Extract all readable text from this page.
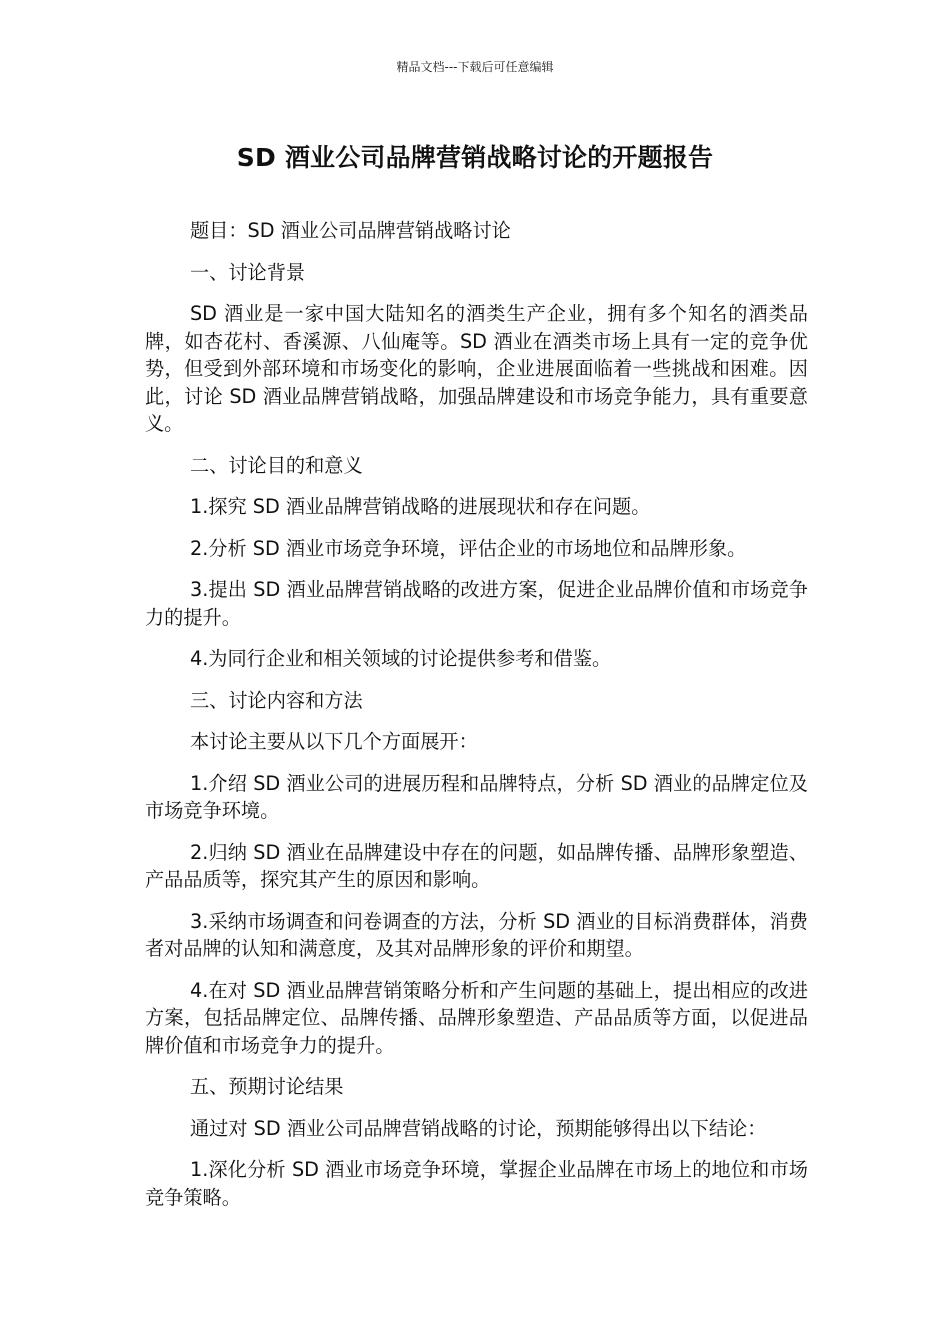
精品文档---下载后可任意编辑
SD 酒业公司品牌营销战略讨论的开题报告

题目：SD 酒业公司品牌营销战略讨论

一、讨论背景

SD 酒业是一家中国大陆知名的酒类生产企业，拥有多个知名的酒类品牌，如杏花村、香溪源、八仙庵等。SD 酒业在酒类市场上具有一定的竞争优势，但受到外部环境和市场变化的影响，企业进展面临着一些挑战和困难。因此，讨论 SD 酒业品牌营销战略，加强品牌建设和市场竞争能力，具有重要意义。

二、讨论目的和意义

1.探究 SD 酒业品牌营销战略的进展现状和存在问题。

2.分析 SD 酒业市场竞争环境，评估企业的市场地位和品牌形象。

3.提出 SD 酒业品牌营销战略的改进方案，促进企业品牌价值和市场竞争力的提升。

4.为同行企业和相关领域的讨论提供参考和借鉴。

三、讨论内容和方法

本讨论主要从以下几个方面展开：

1.介绍 SD 酒业公司的进展历程和品牌特点，分析 SD 酒业的品牌定位及市场竞争环境。

2.归纳 SD 酒业在品牌建设中存在的问题，如品牌传播、品牌形象塑造、产品品质等，探究其产生的原因和影响。

3.采纳市场调查和问卷调查的方法，分析 SD 酒业的目标消费群体，消费者对品牌的认知和满意度，及其对品牌形象的评价和期望。

4.在对 SD 酒业品牌营销策略分析和产生问题的基础上，提出相应的改进方案，包括品牌定位、品牌传播、品牌形象塑造、产品品质等方面，以促进品牌价值和市场竞争力的提升。

五、预期讨论结果

通过对 SD 酒业公司品牌营销战略的讨论，预期能够得出以下结论：

1.深化分析 SD 酒业市场竞争环境，掌握企业品牌在市场上的地位和市场竞争策略。
